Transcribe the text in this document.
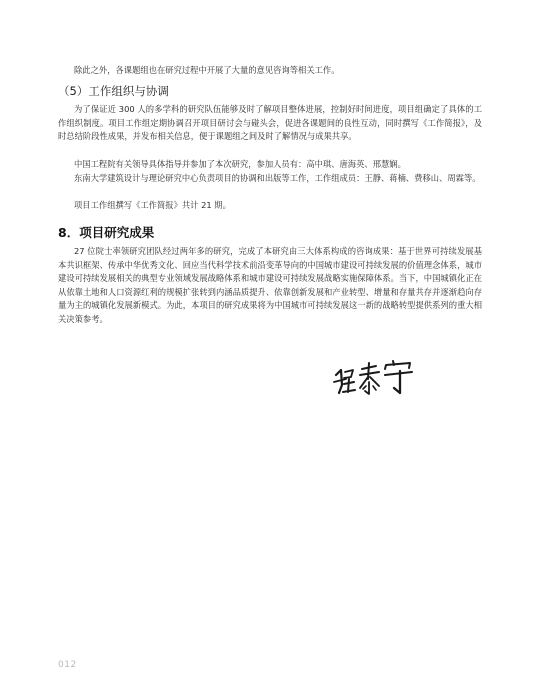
除此之外，各课题组也在研究过程中开展了大量的意见咨询等相关工作。

（5）工作组织与协调

为了保证近 300 人的多学科的研究队伍能够及时了解项目整体进展，控制好时间进度，项目组确定了具体的工作组织制度。项目工作组定期协调召开项目研讨会与碰头会，促进各课题间的良性互动，同时撰写《工作简报》，及时总结阶段性成果，并发布相关信息，便于课题组之间及时了解情况与成果共享。

中国工程院有关领导具体指导并参加了本次研究，参加人员有：高中琪、唐海英、邢慧娴。

东南大学建筑设计与理论研究中心负责项目的协调和出版等工作，工作组成员：王静、蒋楠、费移山、周霖等。

项目工作组撰写《工作简报》共计 21 期。

8．项目研究成果

27 位院士率领研究团队经过两年多的研究，完成了本研究由三大体系构成的咨询成果：基于世界可持续发展基本共识框架、传承中华优秀文化、回应当代科学技术前沿变革导向的中国城市建设可持续发展的价值理念体系，城市建设可持续发展相关的典型专业领域发展战略体系和城市建设可持续发展战略实施保障体系。当下，中国城镇化正在从依靠土地和人口资源红利的规模扩张转到内涵品质提升、依靠创新发展和产业转型、增量和存量共存并逐渐趋向存量为主的城镇化发展新模式。为此，本项目的研究成果将为中国城市可持续发展这一新的战略转型提供系列的重大相关决策参考。

012
